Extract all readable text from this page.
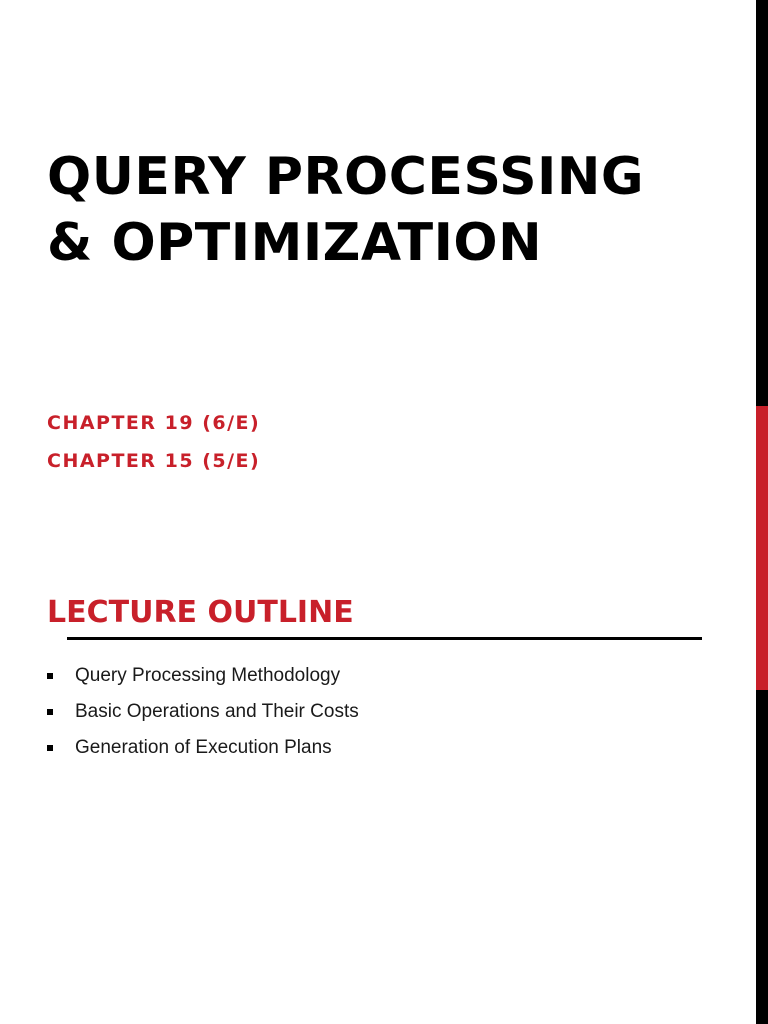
QUERY PROCESSING
& OPTIMIZATION
CHAPTER 19 (6/E)
CHAPTER 15 (5/E)
LECTURE OUTLINE
Query Processing Methodology
Basic Operations and Their Costs
Generation of Execution Plans
